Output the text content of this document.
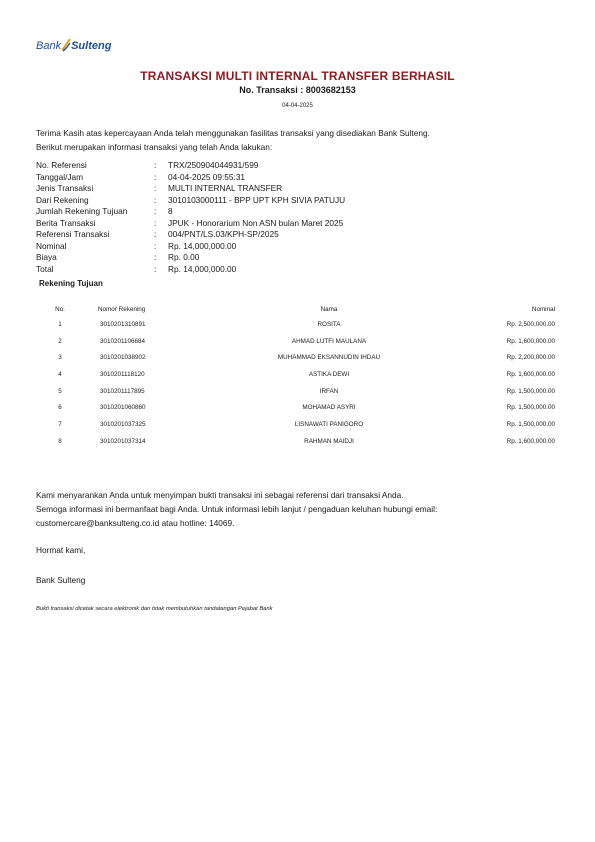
Bank Sulteng
TRANSAKSI MULTI INTERNAL TRANSFER BERHASIL
No. Transaksi : 8003682153
04-04-2025
Terima Kasih atas kepercayaan Anda telah menggunakan fasilitas transaksi yang disediakan Bank Sulteng.
Berikut merupakan informasi transaksi yang telah Anda lakukan:
No. Referensi	:	TRX/250904044931/599
Tanggal/Jam	:	04-04-2025 09:55:31
Jenis Transaksi	:	MULTI INTERNAL TRANSFER
Dari Rekening	:	3010103000111 - BPP UPT KPH SIVIA PATUJU
Jumlah Rekening Tujuan	:	8
Berita Transaksi	:	JPUK - Honorarium Non ASN bulan Maret 2025
Referensi Transaksi	:	004/PNT/LS.03/KPH-SP/2025
Nominal	:	Rp. 14,000,000.00
Biaya	:	Rp. 0.00
Total	:	Rp. 14,000,000.00
Rekening Tujuan
No.	Nomor Rekening	Nama	Nominal
1	3010201310891	ROSITA	Rp. 2,500,000.00
2	3010201106684	AHMAD LUTFI MAULANA	Rp. 1,600,000.00
3	3010201038902	MUHAMMAD EKSANNUDIN IHDAU	Rp. 2,200,000.00
4	3010201118120	ASTIKA DEWI	Rp. 1,600,000.00
5	3010201117895	IRFAN	Rp. 1,500,000.00
6	3010201060860	MOHAMAD ASYRI	Rp. 1,500,000.00
7	3010201037325	LISNAWATI PANIGORO	Rp. 1,500,000.00
8	3010201037314	RAHMAN MAIDJI	Rp. 1,600,000.00
Kami menyarankan Anda untuk menyimpan bukti transaksi ini sebagai referensi dari transaksi Anda.
Semoga informasi ini bermanfaat bagi Anda. Untuk informasi lebih lanjut / pengaduan keluhan hubungi email:
customercare@banksulteng.co.id atau hotline: 14069.
Hormat kami,
Bank Sulteng
Bukti transaksi dicetak secara elektronik dan tidak membutuhkan tandatangan Pejabat Bank
